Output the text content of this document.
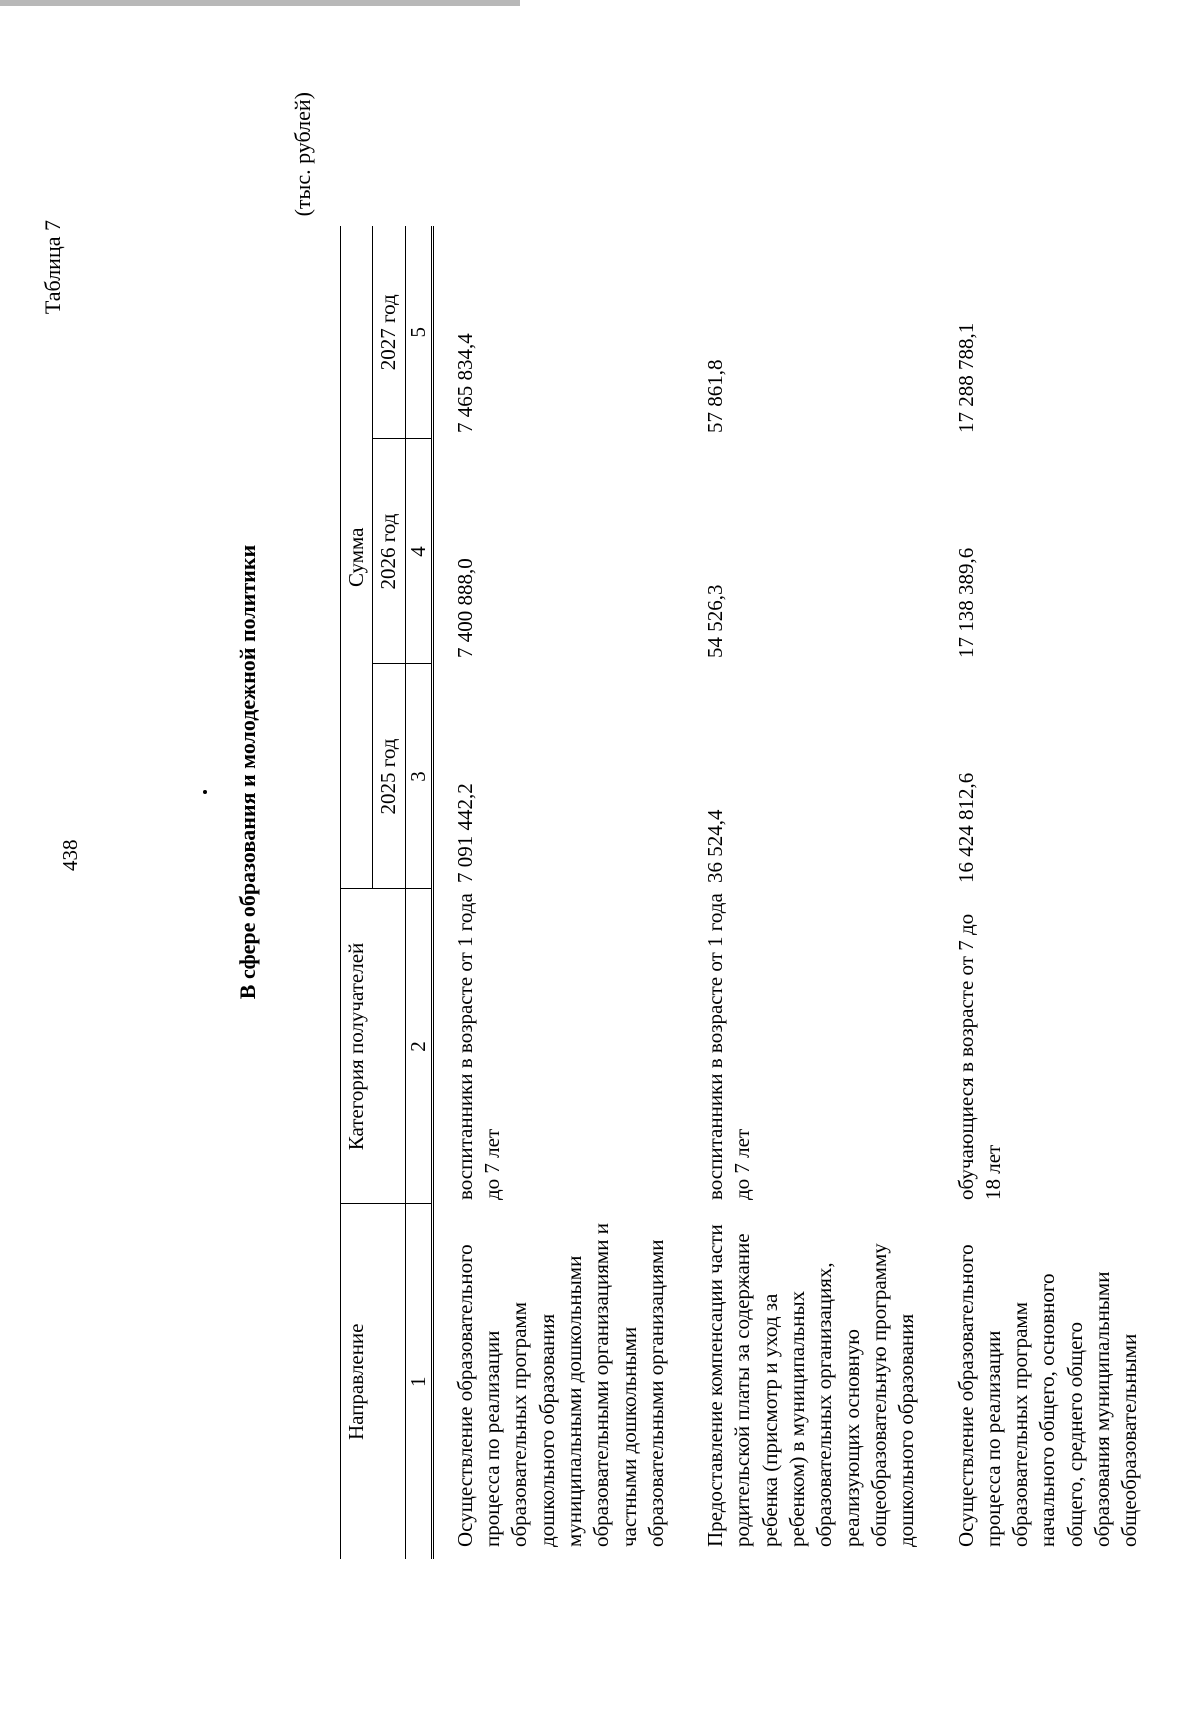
438
Таблица 7
В сфере образования и молодежной политики
(тыс. рублей)
Направление	Категория получателей	Сумма		
		2025 год	2026 год	2027 год
1	2	3	4	5
Осуществление образовательного процесса по реализации образовательных программ дошкольного образования муниципальными дошкольными образовательными организациями и частными дошкольными образовательными организациями	воспитанники в возрасте от 1 года до 7 лет	7 091 442,2	7 400 888,0	7 465 834,4
Предоставление компенсации части родительской платы за содержание ребенка (присмотр и уход за ребенком) в муниципальных образовательных организациях, реализующих основную общеобразовательную программу дошкольного образования	воспитанники в возрасте от 1 года до 7 лет	36 524,4	54 526,3	57 861,8
Осуществление образовательного процесса по реализации образовательных программ начального общего, основного общего, среднего общего образования муниципальными общеобразовательными	обучающиеся в возрасте от 7 до 18 лет	16 424 812,6	17 138 389,6	17 288 788,1
